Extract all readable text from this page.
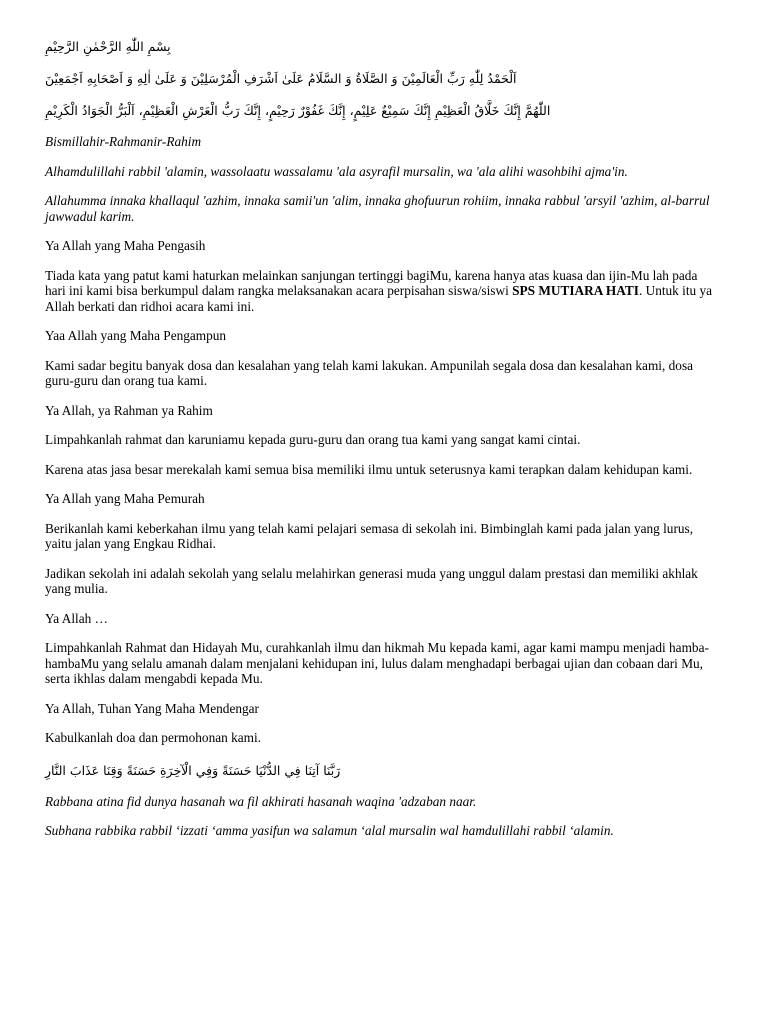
بِسْمِ اللّٰهِ الرَّحْمٰنِ الرَّحِيْمِ
اَلْحَمْدُ لِلّٰهِ رَبِّ الْعَالَمِيْنَ وَ الصَّلَاةُ وَ السَّلَامُ عَلَىٰ اَشْرَفِ الْمُرْسَلِيْنَ وَ عَلَىٰ اٰلِهِ وَ اَصْحَابِهِ اَجْمَعِيْنَ
اللّٰهُمَّ إِنَّكَ خَلَّاقُ الْعَظِيْمِ إِنَّكَ سَمِيْعٌ عَلِيْمٍ، إِنَّكَ غَفُوْرٌ رَحِيْمٍ، إِنَّكَ رَبُّ الْعَرْشِ الْعَظِيْمِ، اَلْبَرُّ الْجَوَادُ الْكَرِيْمِ

Bismillahir-Rahmanir-Rahim

Alhamdulillahi rabbil 'alamin, wassolaatu wassalamu 'ala asyrafil mursalin, wa 'ala alihi wasohbihi ajma'in.

Allahumma innaka khallaqul 'azhim, innaka samii'un 'alim, innaka ghofuurun rohiim, innaka rabbul 'arsyil 'azhim, al-barrul jawwadul karim.

Ya Allah yang Maha Pengasih

Tiada kata yang patut kami haturkan melainkan sanjungan tertinggi bagiMu, karena hanya atas kuasa dan ijin-Mu lah pada hari ini kami bisa berkumpul dalam rangka melaksanakan acara perpisahan siswa/siswi SPS MUTIARA HATI. Untuk itu ya Allah berkati dan ridhoi acara kami ini.

Yaa Allah yang Maha Pengampun

Kami sadar begitu banyak dosa dan kesalahan yang telah kami lakukan. Ampunilah segala dosa dan kesalahan kami, dosa guru-guru dan orang tua kami.

Ya Allah, ya Rahman ya Rahim

Limpahkanlah rahmat dan karuniamu kepada guru-guru dan orang tua kami yang sangat kami cintai.

Karena atas jasa besar merekalah kami semua bisa memiliki ilmu untuk seterusnya kami terapkan dalam kehidupan kami.

Ya Allah yang Maha Pemurah

Berikanlah kami keberkahan ilmu yang telah kami pelajari semasa di sekolah ini. Bimbinglah kami pada jalan yang lurus, yaitu jalan yang Engkau Ridhai.

Jadikan sekolah ini adalah sekolah yang selalu melahirkan generasi muda yang unggul dalam prestasi dan memiliki akhlak yang mulia.

Ya Allah …

Limpahkanlah Rahmat dan Hidayah Mu, curahkanlah ilmu dan hikmah Mu kepada kami, agar kami mampu menjadi hamba-hambaMu yang selalu amanah dalam menjalani kehidupan ini, lulus dalam menghadapi berbagai ujian dan cobaan dari Mu, serta ikhlas dalam mengabdi kepada Mu.

Ya Allah, Tuhan Yang Maha Mendengar

Kabulkanlah doa dan permohonan kami.

رَبَّنَا آتِنَا فِي الدُّنْيَا حَسَنَةً وَفِي الْآخِرَةِ حَسَنَةً وَقِنَا عَذَابَ النَّارِ

Rabbana atina fid dunya hasanah wa fil akhirati hasanah waqina 'adzaban naar.

Subhana rabbika rabbil ‘izzati ‘amma yasifun wa salamun ‘alal mursalin wal hamdulillahi rabbil ‘alamin.
